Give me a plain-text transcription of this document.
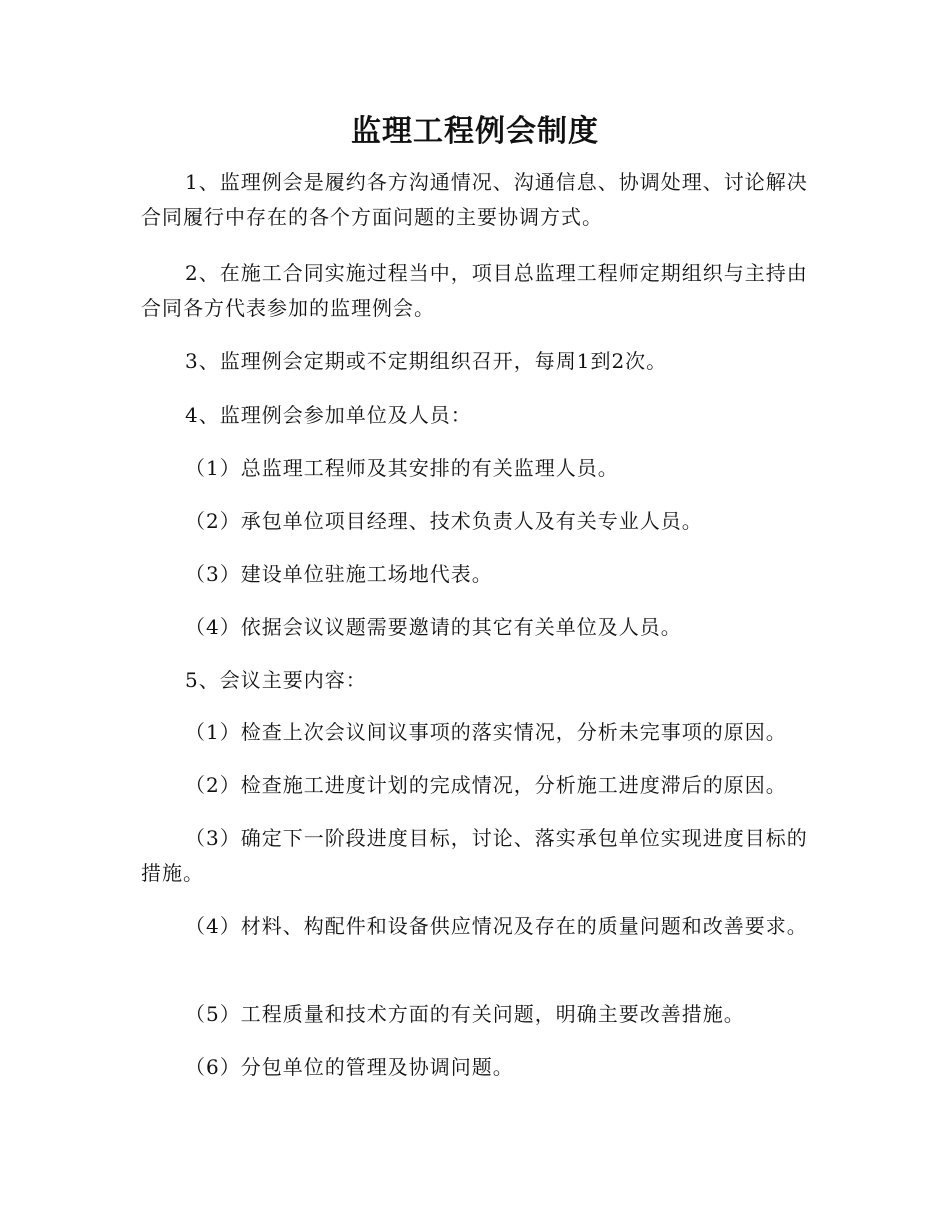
监理工程例会制度

1、监理例会是履约各方沟通情况、沟通信息、协调处理、讨论解决合同履行中存在的各个方面问题的主要协调方式。

2、在施工合同实施过程当中，项目总监理工程师定期组织与主持由合同各方代表参加的监理例会。

3、监理例会定期或不定期组织召开，每周1到2次。

4、监理例会参加单位及人员：

（1）总监理工程师及其安排的有关监理人员。

（2）承包单位项目经理、技术负责人及有关专业人员。

（3）建设单位驻施工场地代表。

（4）依据会议议题需要邀请的其它有关单位及人员。

5、会议主要内容：

（1）检查上次会议间议事项的落实情况，分析未完事项的原因。

（2）检查施工进度计划的完成情况，分析施工进度滞后的原因。

（3）确定下一阶段进度目标，讨论、落实承包单位实现进度目标的措施。

（4）材料、构配件和设备供应情况及存在的质量问题和改善要求。

（5）工程质量和技术方面的有关问题，明确主要改善措施。

（6）分包单位的管理及协调问题。
